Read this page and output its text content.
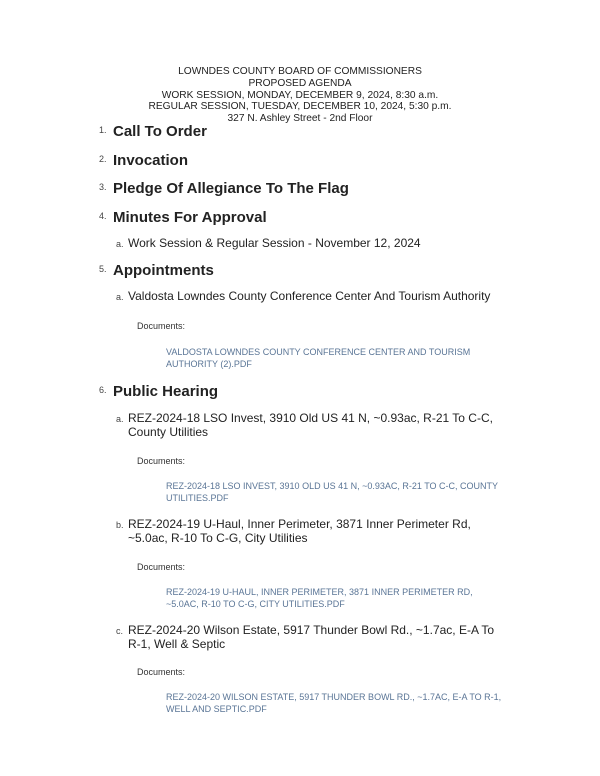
LOWNDES COUNTY BOARD OF COMMISSIONERS
PROPOSED AGENDA
WORK SESSION, MONDAY, DECEMBER 9, 2024, 8:30 a.m.
REGULAR SESSION, TUESDAY, DECEMBER 10, 2024, 5:30 p.m.
327 N. Ashley Street - 2nd Floor
1. Call To Order
2. Invocation
3. Pledge Of Allegiance To The Flag
4. Minutes For Approval
a. Work Session & Regular Session - November 12, 2024
5. Appointments
a. Valdosta Lowndes County Conference Center And Tourism Authority
Documents:
VALDOSTA LOWNDES COUNTY CONFERENCE CENTER AND TOURISM AUTHORITY (2).PDF
6. Public Hearing
a. REZ-2024-18 LSO Invest, 3910 Old US 41 N, ~0.93ac, R-21 To C-C, County Utilities
Documents:
REZ-2024-18 LSO INVEST, 3910 OLD US 41 N, ~0.93AC, R-21 TO C-C, COUNTY UTILITIES.PDF
b. REZ-2024-19 U-Haul, Inner Perimeter, 3871 Inner Perimeter Rd, ~5.0ac, R-10 To C-G, City Utilities
Documents:
REZ-2024-19 U-HAUL, INNER PERIMETER, 3871 INNER PERIMETER RD, ~5.0AC, R-10 TO C-G, CITY UTILITIES.PDF
c. REZ-2024-20 Wilson Estate, 5917 Thunder Bowl Rd., ~1.7ac, E-A To R-1, Well & Septic
Documents:
REZ-2024-20 WILSON ESTATE, 5917 THUNDER BOWL RD., ~1.7AC, E-A TO R-1, WELL AND SEPTIC.PDF
